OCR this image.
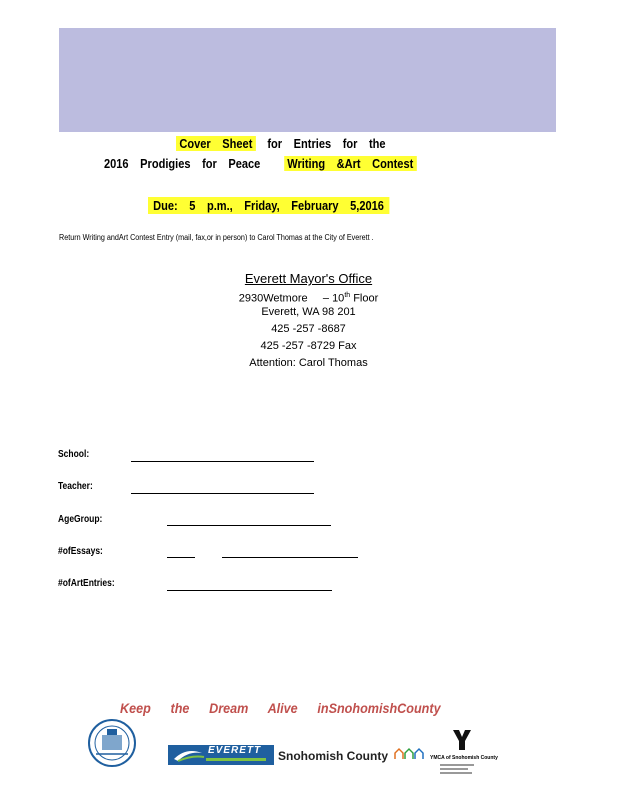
Cover Sheet for Entries for the
2016 Prodigies for Peace Writing &Art Contest
Due: 5 p.m., Friday, February 5,2016
Return Writing andArt Contest Entry (mail, fax,or in person) to Carol Thomas at the City of Everett .
Everett Mayor's Office
2930Wetmore     – 10th Floor
Everett, WA 98 201
425 -257 -8687
425 -257 -8729 Fax
Attention: Carol Thomas
School:
Teacher:
AgeGroup:
#ofEssays:
#ofArtEntries:
Keep the Dream Alive inSnohomishCounty
EVERETT Snohomish County	YMCA of Snohomish County
